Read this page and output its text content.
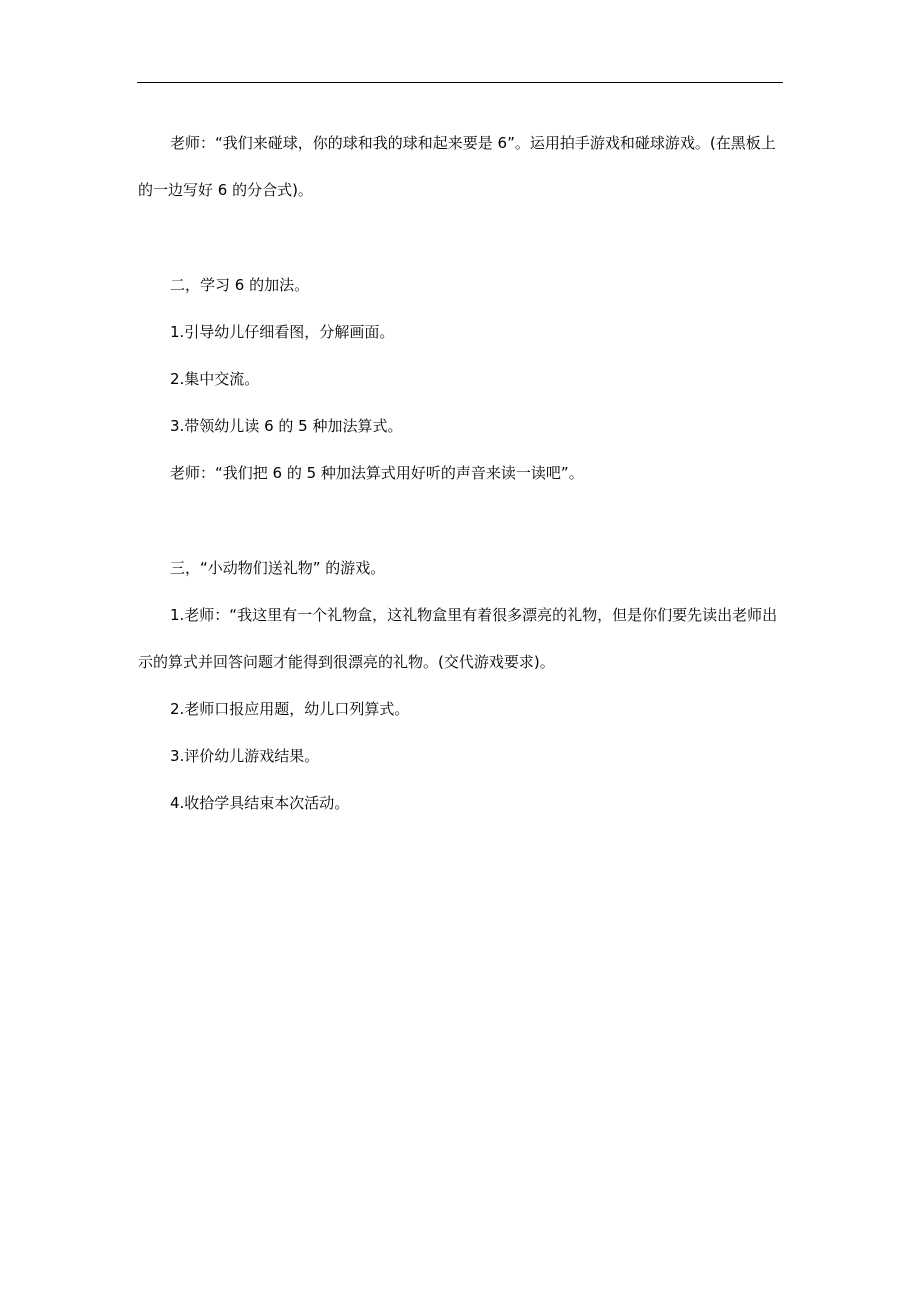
老师：“我们来碰球，你的球和我的球和起来要是 6”。运用拍手游戏和碰球游戏。(在黑板上的一边写好 6 的分合式)。

二，学习 6 的加法。

1.引导幼儿仔细看图，分解画面。

2.集中交流。

3.带领幼儿读 6 的 5 种加法算式。

老师：“我们把 6 的 5 种加法算式用好听的声音来读一读吧”。

三，“小动物们送礼物” 的游戏。

1.老师：“我这里有一个礼物盒，这礼物盒里有着很多漂亮的礼物，但是你们要先读出老师出示的算式并回答问题才能得到很漂亮的礼物。(交代游戏要求)。

2.老师口报应用题，幼儿口列算式。

3.评价幼儿游戏结果。

4.收拾学具结束本次活动。
